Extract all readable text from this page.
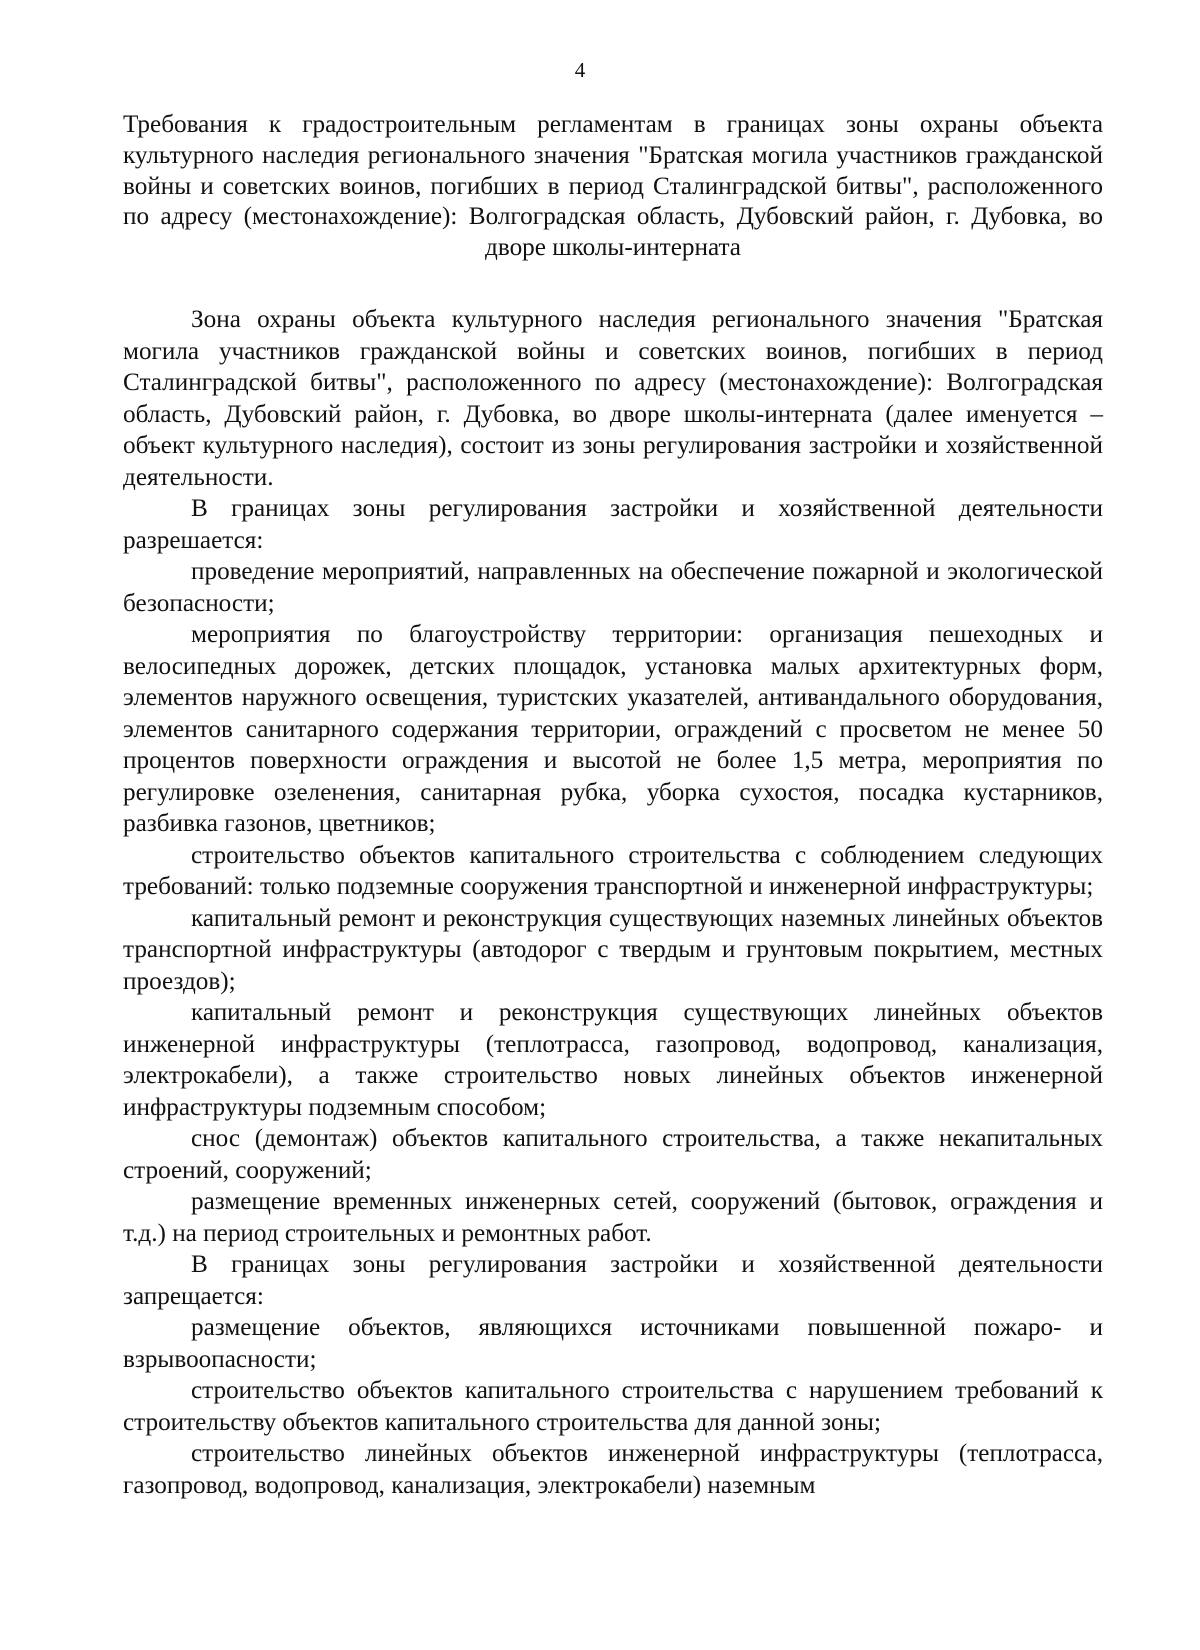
4
Требования к градостроительным регламентам в границах зоны охраны объекта культурного наследия регионального значения "Братская могила участников гражданской войны и советских воинов, погибших в период Сталинградской битвы", расположенного по адресу (местонахождение): Волгоградская область, Дубовский район, г. Дубовка, во дворе школы-интерната

Зона охраны объекта культурного наследия регионального значения "Братская могила участников гражданской войны и советских воинов, погибших в период Сталинградской битвы", расположенного по адресу (местонахождение): Волгоградская область, Дубовский район, г. Дубовка, во дворе школы-интерната (далее именуется – объект культурного наследия), состоит из зоны регулирования застройки и хозяйственной деятельности.

В границах зоны регулирования застройки и хозяйственной деятельности разрешается:

проведение мероприятий, направленных на обеспечение пожарной и экологической безопасности;

мероприятия по благоустройству территории: организация пешеходных и велосипедных дорожек, детских площадок, установка малых архитектурных форм, элементов наружного освещения, туристских указателей, антивандального оборудования, элементов санитарного содержания территории, ограждений с просветом не менее 50 процентов поверхности ограждения и высотой не более 1,5 метра, мероприятия по регулировке озеленения, санитарная рубка, уборка сухостоя, посадка кустарников, разбивка газонов, цветников;

строительство объектов капитального строительства с соблюдением следующих требований: только подземные сооружения транспортной и инженерной инфраструктуры;

капитальный ремонт и реконструкция существующих наземных линейных объектов транспортной инфраструктуры (автодорог с твердым и грунтовым покрытием, местных проездов);

капитальный ремонт и реконструкция существующих линейных объектов инженерной инфраструктуры (теплотрасса, газопровод, водопровод, канализация, электрокабели), а также строительство новых линейных объектов инженерной инфраструктуры подземным способом;

снос (демонтаж) объектов капитального строительства, а также некапитальных строений, сооружений;

размещение временных инженерных сетей, сооружений (бытовок, ограждения и т.д.) на период строительных и ремонтных работ.

В границах зоны регулирования застройки и хозяйственной деятельности запрещается:

размещение объектов, являющихся источниками повышенной пожаро- и взрывоопасности;

строительство объектов капитального строительства с нарушением требований к строительству объектов капитального строительства для данной зоны;

строительство линейных объектов инженерной инфраструктуры (теплотрасса, газопровод, водопровод, канализация, электрокабели) наземным
